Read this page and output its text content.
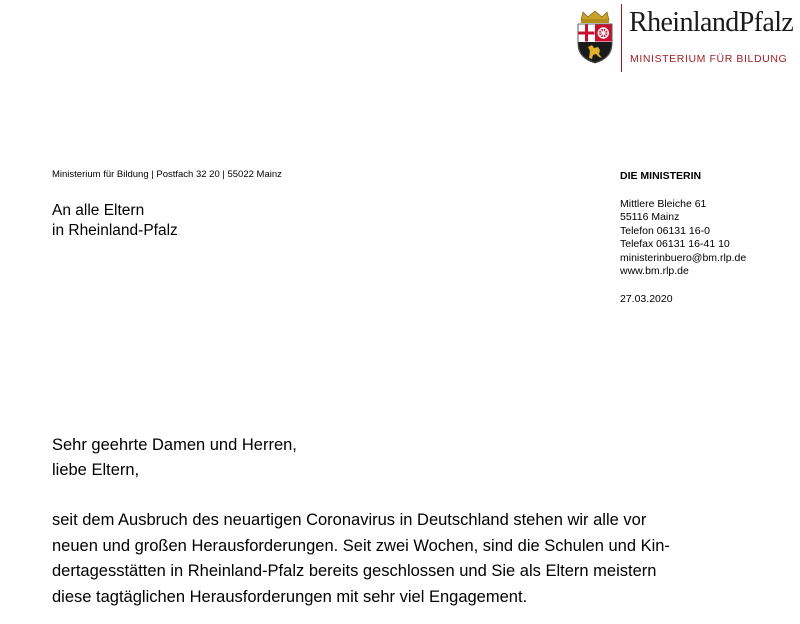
RheinlandPfalz
MINISTERIUM FÜR BILDUNG
Ministerium für Bildung | Postfach 32 20 | 55022 Mainz
An alle Eltern
in Rheinland-Pfalz
DIE MINISTERIN
Mittlere Bleiche 61
55116 Mainz
Telefon 06131 16-0
Telefax 06131 16-41 10
ministerinbuero@bm.rlp.de
www.bm.rlp.de
27.03.2020
Sehr geehrte Damen und Herren,
liebe Eltern,
seit dem Ausbruch des neuartigen Coronavirus in Deutschland stehen wir alle vor
neuen und großen Herausforderungen. Seit zwei Wochen, sind die Schulen und Kin-
dertagesstätten in Rheinland-Pfalz bereits geschlossen und Sie als Eltern meistern
diese tagtäglichen Herausforderungen mit sehr viel Engagement.
